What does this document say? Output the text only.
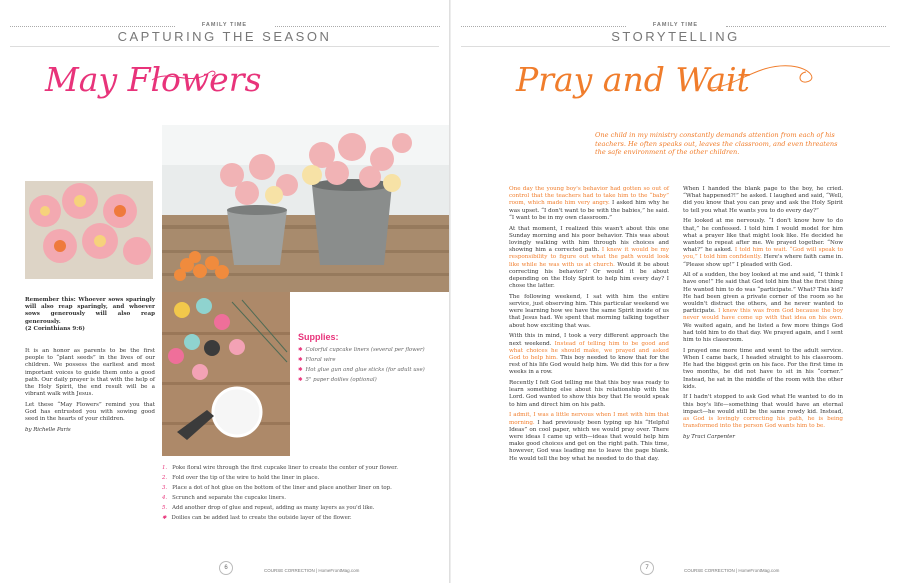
FAMILY TIME
CAPTURING THE SEASON
May Flowers
Remember this: Whoever sows sparingly will also reap sparingly, and whoever sows generously will also reap generously.
(2 Corinthians 9:6)

It is an honor as parents to be the first people to “plant seeds” in the lives of our children. We possess the earliest and most important voices to guide them onto a good path. Our daily prayer is that with the help of the Holy Spirit, the end result will be a vibrant walk with Jesus.

Let these “May Flowers” remind you that God has entrusted you with sowing good seed in the hearts of your children.

by Richelle Paris

Supplies:
✱ Colorful cupcake liners (several per flower)
✱ Floral wire
✱ Hot glue gun and glue sticks (for adult use)
✱ 5" paper doilies (optional)
1. Poke floral wire through the first cupcake liner to create the center of your flower.
2. Fold over the tip of the wire to hold the liner in place.
3. Place a dot of hot glue on the bottom of the liner and place another liner on top.
4. Scrunch and separate the cupcake liners.
5. Add another drop of glue and repeat, adding as many layers as you'd like.
✱ Doilies can be added last to create the outside layer of the flower.
6	COURSE CORRECTION | HomeFrontMag.com
FAMILY TIME
STORYTELLING
Pray and Wait
One child in my ministry constantly demands attention from each of his teachers. He often speaks out, leaves the classroom, and even threatens the safe environment of the other children.

One day the young boy's behavior had gotten so out of control that the teachers had to take him to the “baby” room, which made him very angry. I asked him why he was upset. “I don't want to be with the babies,” he said. “I want to be in my own classroom.”

At that moment, I realized this wasn't about this one Sunday morning and his poor behavior. This was about lovingly walking with him through his choices and showing him a corrected path. I knew it would be my responsibility to figure out what the path would look like while he was with us at church. Would it be about correcting his behavior? Or would it be about depending on the Holy Spirit to help him every day? I chose the latter.

The following weekend, I sat with him the entire service, just observing him. This particular weekend we were learning how we have the same Spirit inside of us that Jesus had. We spent that morning talking together about how exciting that was.

With this in mind, I took a very different approach the next weekend. Instead of telling him to be good and what choices he should make, we prayed and asked God to help him. This boy needed to know that for the rest of his life God would help him. We did this for a few weeks in a row.

Recently I felt God telling me that this boy was ready to learn something else about his relationship with the Lord. God wanted to show this boy that He would speak to him and direct him on his path.

I admit, I was a little nervous when I met with him that morning. I had previously been typing up his “Helpful Ideas” on cool paper, which we would pray over. There were ideas I came up with—ideas that would help him make good choices and get on the right path. This time, however, God was leading me to leave the page blank. He would tell the boy what he needed to do that day.

When I handed the blank page to the boy, he cried. “What happened?!” he asked. I laughed and said, “Well, did you know that you can pray and ask the Holy Spirit to tell you what He wants you to do every day?”

He looked at me nervously. “I don't know how to do that,” he confessed. I told him I would model for him what a prayer like that might look like. He decided he wanted to repeat after me. We prayed together. “Now what?” he asked. I told him to wait. “God will speak to you,” I told him confidently. Here's where faith came in. “Please show up!” I pleaded with God.

All of a sudden, the boy looked at me and said, “I think I have one!” He said that God told him that the first thing He wanted him to do was “participate.” What? This kid? He had been given a private corner of the room so he wouldn't distract the others, and he never wanted to participate. I knew this was from God because the boy never would have come up with that idea on his own. We waited again, and he listed a few more things God had told him to do that day. We prayed again, and I sent him to his classroom.

I prayed one more time and went to the adult service. When I came back, I headed straight to his classroom. He had the biggest grin on his face. For the first time in two months, he did not have to sit in his “corner.” Instead, he sat in the middle of the room with the other kids.

If I hadn't stopped to ask God what He wanted to do in this boy's life—something that would have an eternal impact—he would still be the same rowdy kid. Instead, as God is lovingly correcting his path, he is being transformed into the person God wants him to be.

by Traci Carpenter

7	COURSE CORRECTION | HomeFrontMag.com
